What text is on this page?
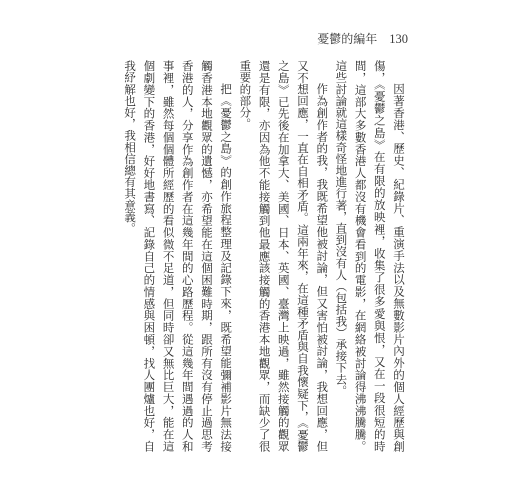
憂鬱的編年 130

因著香港、歷史、紀錄片、重演手法以及無數影片內外的個人經歷與創傷，《憂鬱之島》在有限的放映裡，收集了很多愛與恨，又在一段很短的時間，這部大多數香港人都沒有機會看到的電影，在網絡被討論得沸沸騰騰。這些討論就這樣奇怪地進行著，直到沒有人（包括我）承接下去。

作為創作者的我，我既希望他被討論，但又害怕被討論，我想回應，但又不想回應，一直在自相矛盾。這兩年來，在這種矛盾與自我懷疑下，《憂鬱之島》已先後在加拿大、美國、日本、英國、臺灣上映過，雖然接觸的觀眾還是有限，亦因為他不能接觸到他最應該接觸的香港本地觀眾，而缺少了很重要的部分。

把《憂鬱之島》的創作旅程整理及記錄下來，既希望能彌補影片無法接觸香港本地觀眾的遺憾，亦希望能在這個困難時期，跟所有沒有停止過思考香港的人，分享作為創作者在這幾年間的心路歷程。從這幾年間遇過的人和事裡，雖然每個個體所經歷的看似微不足道，但同時卻又無比巨大，能在這個劇變下的香港，好好地書寫、記錄自己的情感與困頓，找人團爐也好，自我紓解也好，我相信總有其意義。
